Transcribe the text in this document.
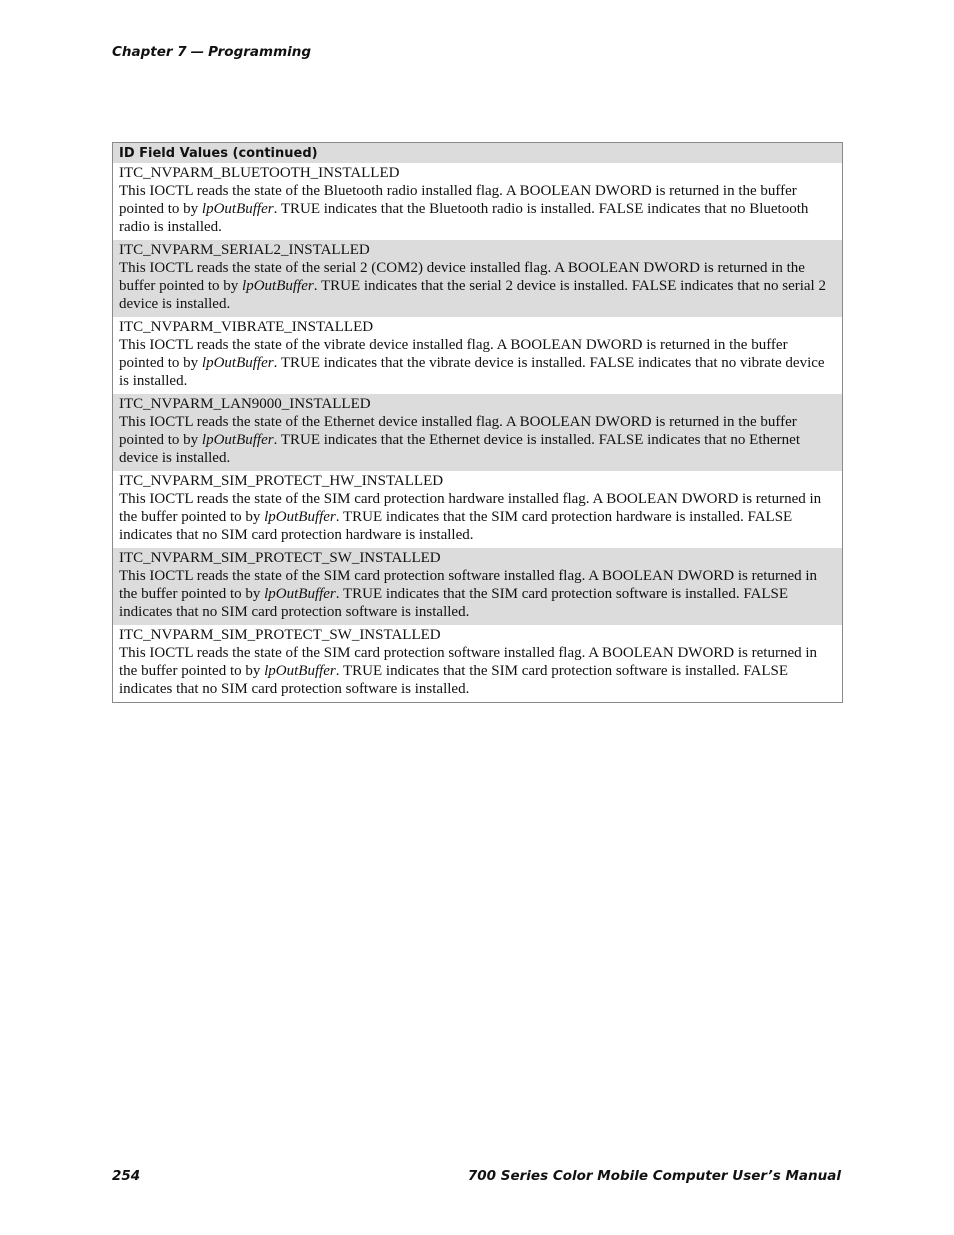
Chapter 7 — Programming
ID Field Values (continued)
ITC_NVPARM_BLUETOOTH_INSTALLED
This IOCTL reads the state of the Bluetooth radio installed flag. A BOOLEAN DWORD is returned in the buffer pointed to by lpOutBuffer. TRUE indicates that the Bluetooth radio is installed. FALSE indicates that no Bluetooth radio is installed.
ITC_NVPARM_SERIAL2_INSTALLED
This IOCTL reads the state of the serial 2 (COM2) device installed flag. A BOOLEAN DWORD is returned in the buffer pointed to by lpOutBuffer. TRUE indicates that the serial 2 device is installed. FALSE indicates that no serial 2 device is installed.
ITC_NVPARM_VIBRATE_INSTALLED
This IOCTL reads the state of the vibrate device installed flag. A BOOLEAN DWORD is returned in the buffer pointed to by lpOutBuffer. TRUE indicates that the vibrate device is installed. FALSE indicates that no vibrate device is installed.
ITC_NVPARM_LAN9000_INSTALLED
This IOCTL reads the state of the Ethernet device installed flag. A BOOLEAN DWORD is returned in the buffer pointed to by lpOutBuffer. TRUE indicates that the Ethernet device is installed. FALSE indicates that no Ethernet device is installed.
ITC_NVPARM_SIM_PROTECT_HW_INSTALLED
This IOCTL reads the state of the SIM card protection hardware installed flag. A BOOLEAN DWORD is returned in the buffer pointed to by lpOutBuffer. TRUE indicates that the SIM card protection hardware is installed. FALSE indicates that no SIM card protection hardware is installed.
ITC_NVPARM_SIM_PROTECT_SW_INSTALLED
This IOCTL reads the state of the SIM card protection software installed flag. A BOOLEAN DWORD is returned in the buffer pointed to by lpOutBuffer. TRUE indicates that the SIM card protection software is installed. FALSE indicates that no SIM card protection software is installed.
ITC_NVPARM_SIM_PROTECT_SW_INSTALLED
This IOCTL reads the state of the SIM card protection software installed flag. A BOOLEAN DWORD is returned in the buffer pointed to by lpOutBuffer. TRUE indicates that the SIM card protection software is installed. FALSE indicates that no SIM card protection software is installed.
254	700 Series Color Mobile Computer User’s Manual
